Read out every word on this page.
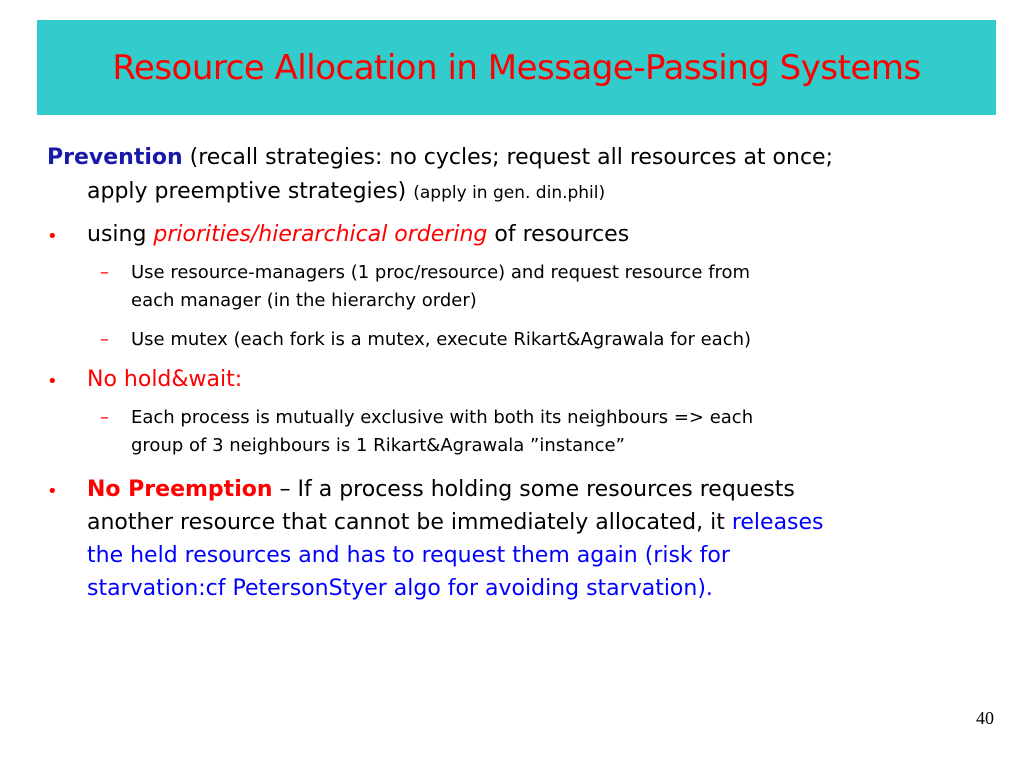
Resource Allocation in Message-Passing Systems
Prevention (recall strategies: no cycles; request all resources at once;
apply preemptive strategies) (apply in gen. din.phil)
• using priorities/hierarchical ordering of resources
– Use resource-managers (1 proc/resource) and request resource from
each manager (in the hierarchy order)
– Use mutex (each fork is a mutex, execute Rikart&Agrawala for each)
• No hold&wait:
– Each process is mutually exclusive with both its neighbours => each
group of 3 neighbours is 1 Rikart&Agrawala ”instance”
• No Preemption – If a process holding some resources requests
another resource that cannot be immediately allocated, it releases
the held resources and has to request them again (risk for
starvation:cf PetersonStyer algo for avoiding starvation).
40
